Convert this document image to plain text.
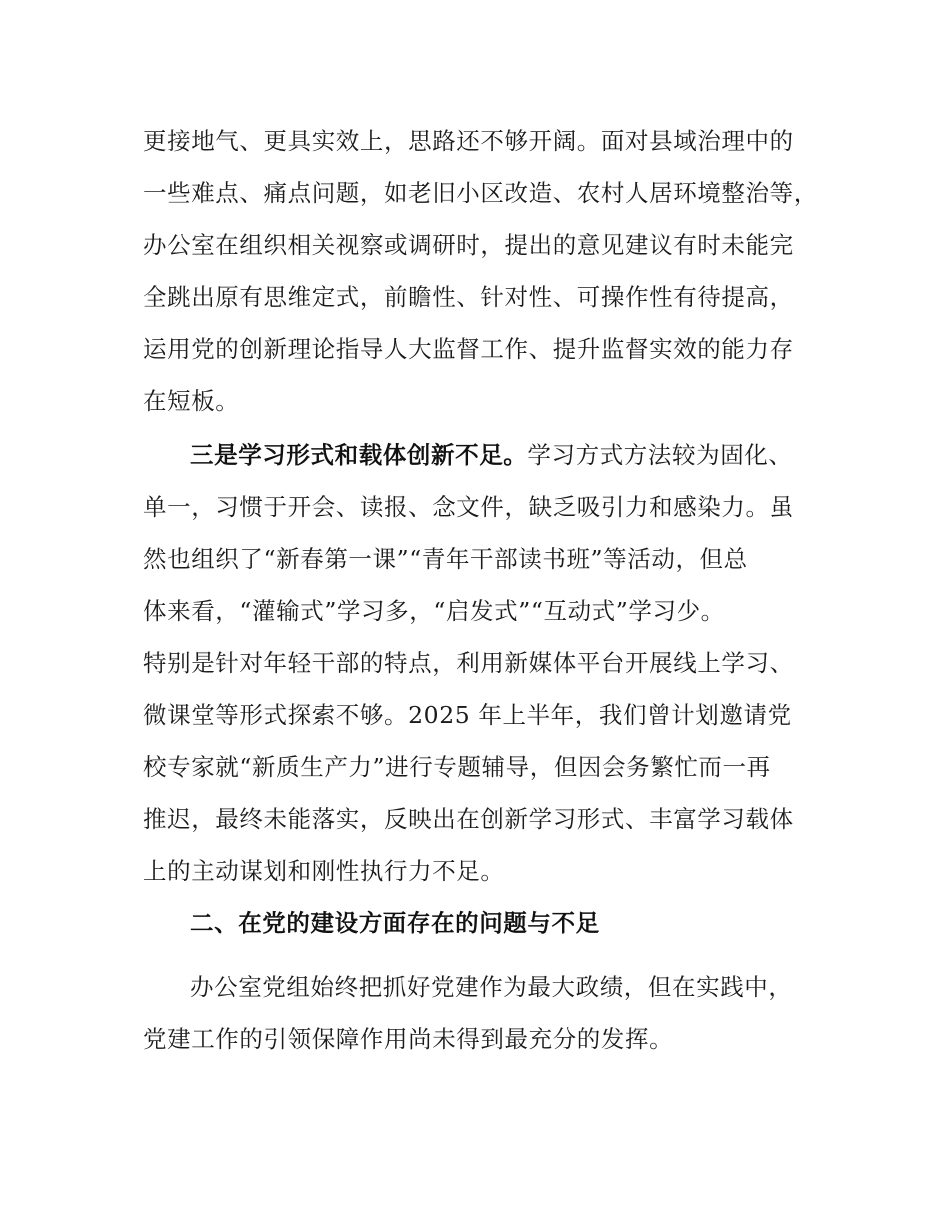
更接地气、更具实效上，思路还不够开阔。面对县域治理中的
一些难点、痛点问题，如老旧小区改造、农村人居环境整治等，
办公室在组织相关视察或调研时，提出的意见建议有时未能完
全跳出原有思维定式，前瞻性、针对性、可操作性有待提高，
运用党的创新理论指导人大监督工作、提升监督实效的能力存
在短板。
三是学习形式和载体创新不足。学习方式方法较为固化、
单一，习惯于开会、读报、念文件，缺乏吸引力和感染力。虽
然也组织了“新春第一课”“青年干部读书班”等活动，但总
体来看，“灌输式”学习多，“启发式”“互动式”学习少。
特别是针对年轻干部的特点，利用新媒体平台开展线上学习、
微课堂等形式探索不够。2025 年上半年，我们曾计划邀请党
校专家就“新质生产力”进行专题辅导，但因会务繁忙而一再
推迟，最终未能落实，反映出在创新学习形式、丰富学习载体
上的主动谋划和刚性执行力不足。
二、在党的建设方面存在的问题与不足
办公室党组始终把抓好党建作为最大政绩，但在实践中，
党建工作的引领保障作用尚未得到最充分的发挥。
